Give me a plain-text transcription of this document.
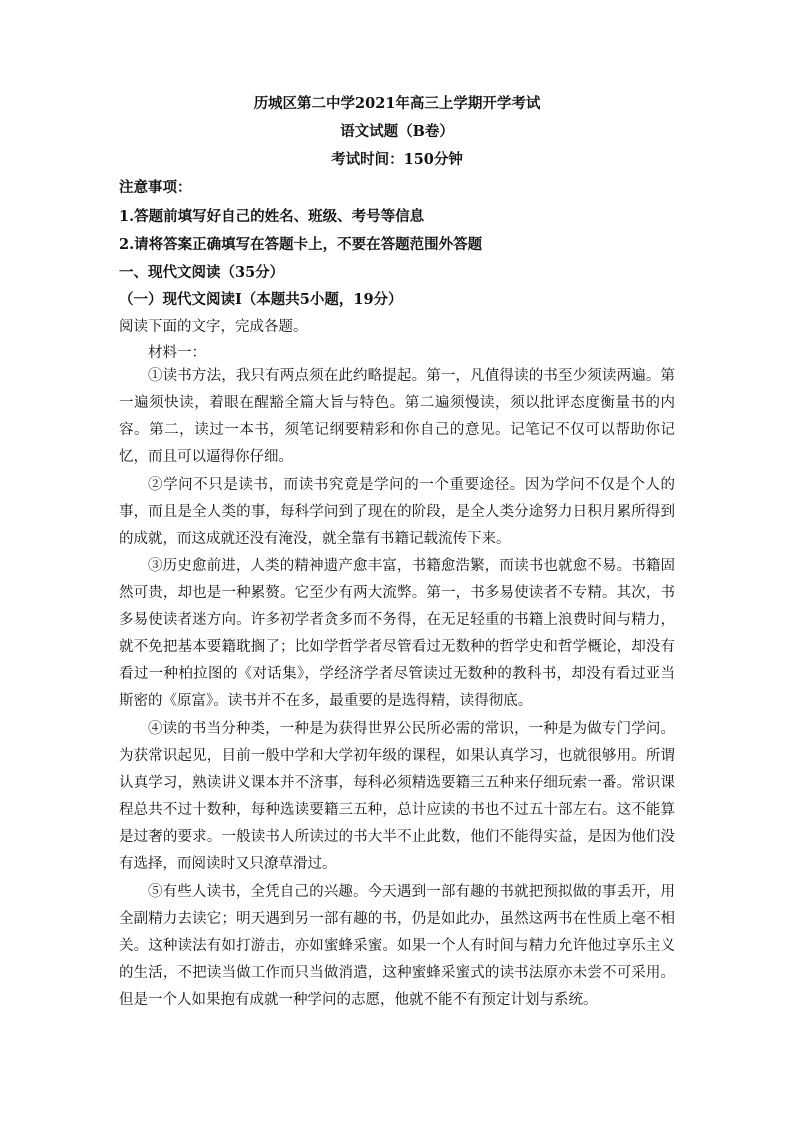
历城区第二中学2021年高三上学期开学考试
语文试题（B卷）
考试时间：150分钟
注意事项：
1.答题前填写好自己的姓名、班级、考号等信息
2.请将答案正确填写在答题卡上，不要在答题范围外答题
一、现代文阅读（35分）
（一）现代文阅读Ⅰ（本题共5小题，19分）
阅读下面的文字，完成各题。
材料一：
①读书方法，我只有两点须在此约略提起。第一，凡值得读的书至少须读两遍。第一遍须快读，着眼在醒豁全篇大旨与特色。第二遍须慢读，须以批评态度衡量书的内容。第二，读过一本书，须笔记纲要精彩和你自己的意见。记笔记不仅可以帮助你记忆，而且可以逼得你仔细。
②学问不只是读书，而读书究竟是学问的一个重要途径。因为学问不仅是个人的事，而且是全人类的事，每科学问到了现在的阶段，是全人类分途努力日积月累所得到的成就，而这成就还没有淹没，就全靠有书籍记载流传下来。
③历史愈前进，人类的精神遗产愈丰富，书籍愈浩繁，而读书也就愈不易。书籍固然可贵，却也是一种累赘。它至少有两大流弊。第一，书多易使读者不专精。其次，书多易使读者迷方向。许多初学者贪多而不务得，在无足轻重的书籍上浪费时间与精力，就不免把基本要籍耽搁了；比如学哲学者尽管看过无数种的哲学史和哲学概论，却没有看过一种柏拉图的《对话集》，学经济学者尽管读过无数种的教科书，却没有看过亚当斯密的《原富》。读书并不在多，最重要的是选得精，读得彻底。
④读的书当分种类，一种是为获得世界公民所必需的常识，一种是为做专门学问。为获常识起见，目前一般中学和大学初年级的课程，如果认真学习，也就很够用。所谓认真学习，熟读讲义课本并不济事，每科必须精选要籍三五种来仔细玩索一番。常识课程总共不过十数种，每种选读要籍三五种，总计应读的书也不过五十部左右。这不能算是过奢的要求。一般读书人所读过的书大半不止此数，他们不能得实益，是因为他们没有选择，而阅读时又只潦草滑过。
⑤有些人读书，全凭自己的兴趣。今天遇到一部有趣的书就把预拟做的事丢开，用全副精力去读它；明天遇到另一部有趣的书，仍是如此办，虽然这两书在性质上毫不相关。这种读法有如打游击，亦如蜜蜂采蜜。如果一个人有时间与精力允许他过享乐主义的生活，不把读当做工作而只当做消遣，这种蜜蜂采蜜式的读书法原亦未尝不可采用。但是一个人如果抱有成就一种学问的志愿，他就不能不有预定计划与系统。
